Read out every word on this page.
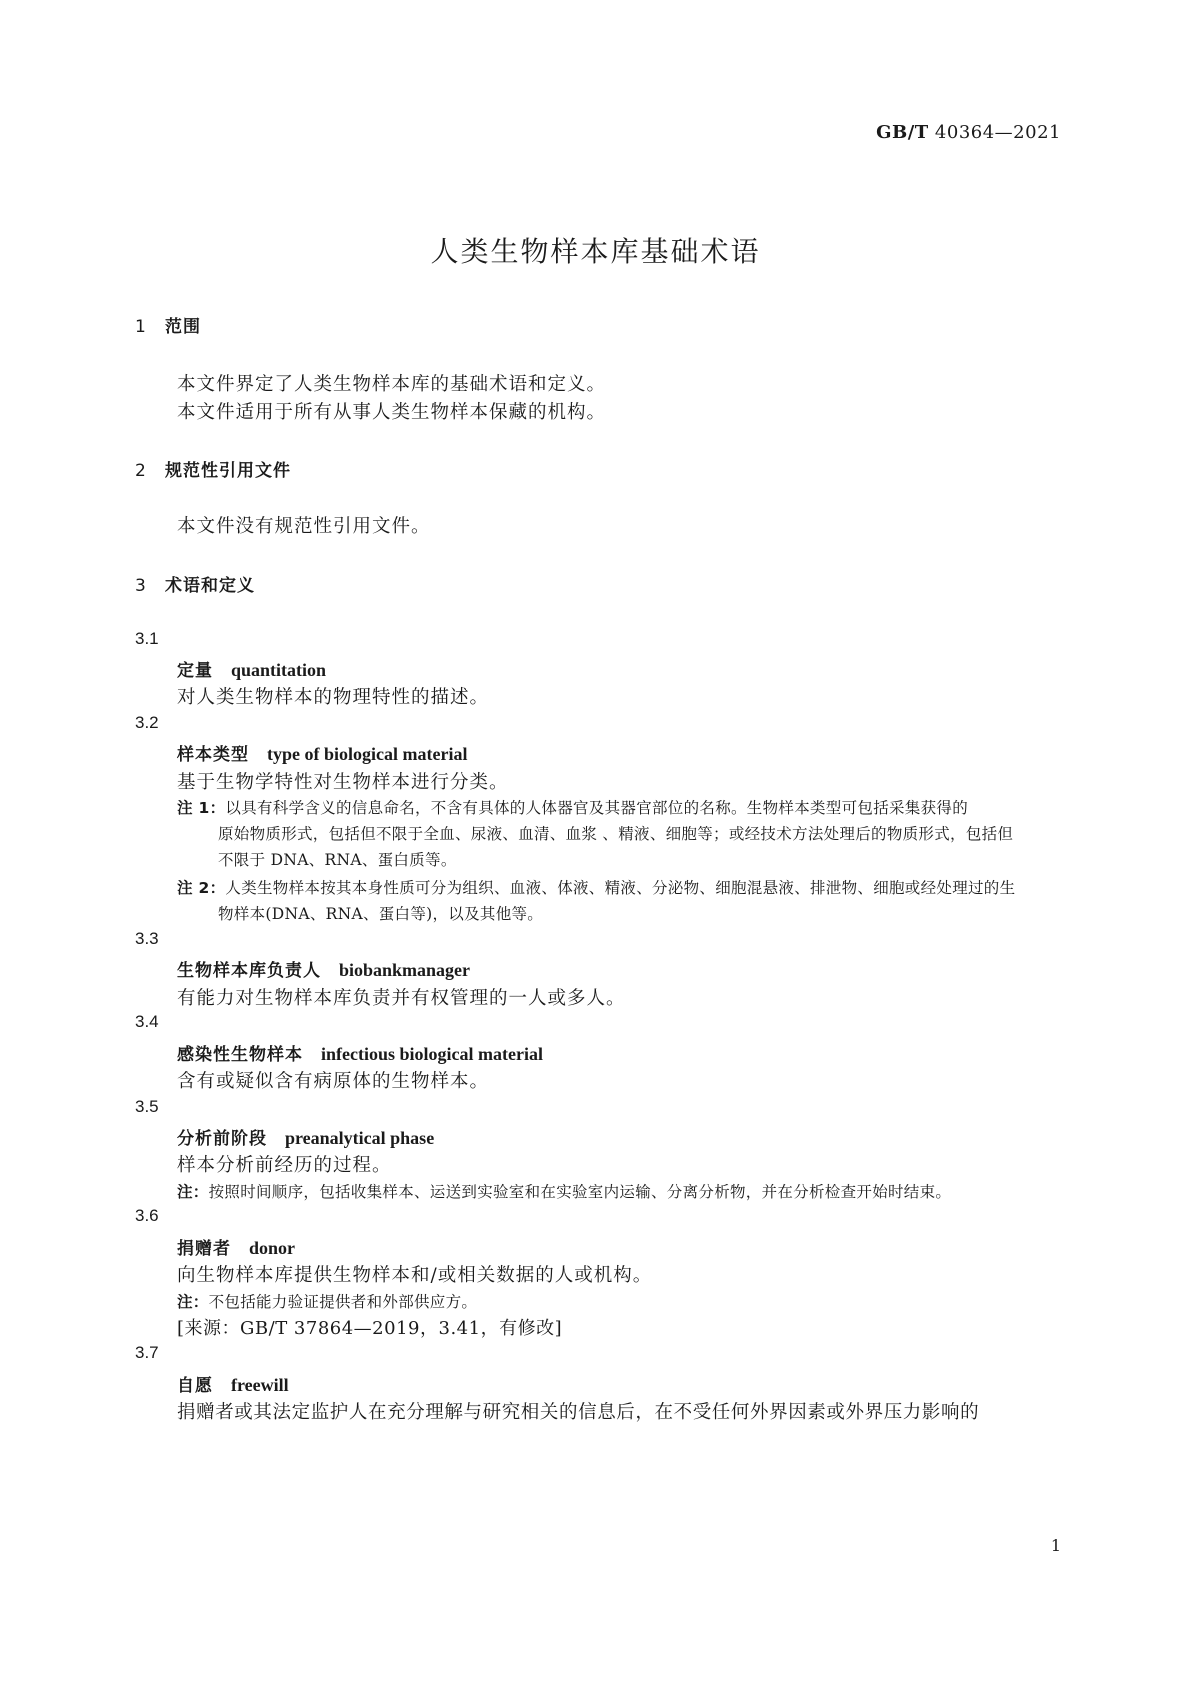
GB/T 40364—2021
人类生物样本库基础术语
1 范围
本文件界定了人类生物样本库的基础术语和定义。
本文件适用于所有从事人类生物样本保藏的机构。
2 规范性引用文件
本文件没有规范性引用文件。
3 术语和定义
3.1
定量 quantitation
对人类生物样本的物理特性的描述。
3.2
样本类型 type of biological material
基于生物学特性对生物样本进行分类。
注 1：以具有科学含义的信息命名，不含有具体的人体器官及其器官部位的名称。生物样本类型可包括采集获得的
原始物质形式，包括但不限于全血、尿液、血清、血浆 、精液、细胞等；或经技术方法处理后的物质形式，包括但
不限于 DNA、RNA、蛋白质等。
注 2：人类生物样本按其本身性质可分为组织、血液、体液、精液、分泌物、细胞混悬液、排泄物、细胞或经处理过的生
物样本(DNA、RNA、蛋白等)，以及其他等。
3.3
生物样本库负责人 biobankmanager
有能力对生物样本库负责并有权管理的一人或多人。
3.4
感染性生物样本 infectious biological material
含有或疑似含有病原体的生物样本。
3.5
分析前阶段 preanalytical phase
样本分析前经历的过程。
注：按照时间顺序，包括收集样本、运送到实验室和在实验室内运输、分离分析物，并在分析检查开始时结束。
3.6
捐赠者 donor
向生物样本库提供生物样本和/或相关数据的人或机构。
注：不包括能力验证提供者和外部供应方。
[来源：GB/T 37864—2019，3.41，有修改]
3.7
自愿 freewill
捐赠者或其法定监护人在充分理解与研究相关的信息后，在不受任何外界因素或外界压力影响的
1
